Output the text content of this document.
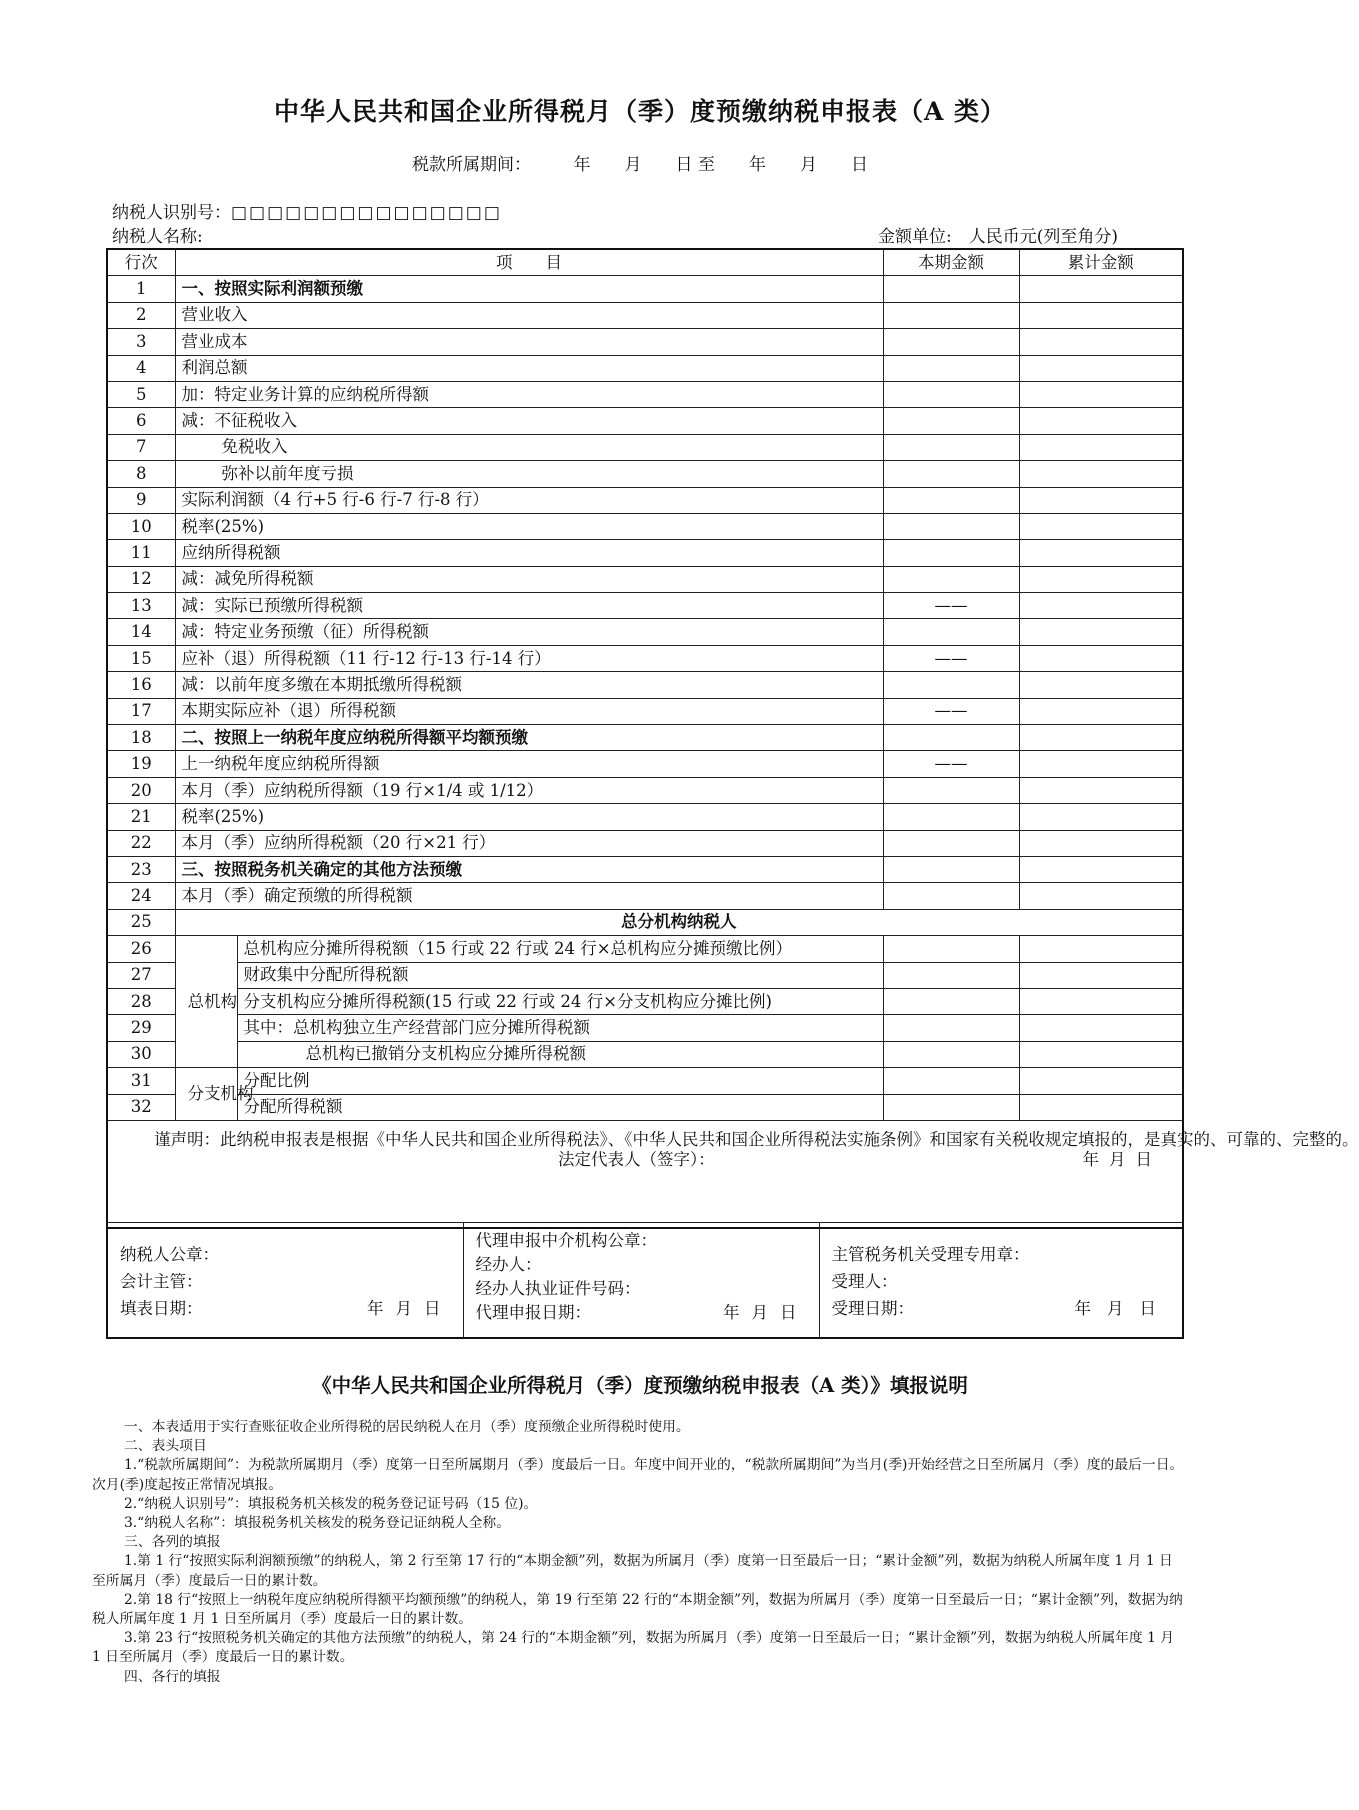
中华人民共和国企业所得税月（季）度预缴纳税申报表（A 类）
税款所属期间：　　　年　　月　　日 至　　年　　月　　日
纳税人识别号：□□□□□□□□□□□□□□□
纳税人名称:	金额单位:　人民币元(列至角分)
行次	项　　目		本期金额	累计金额
1	一、按照实际利润额预缴			
2	营业收入			
3	营业成本			
4	利润总额			
5	加：特定业务计算的应纳税所得额			
6	减：不征税收入			
7	免税收入			
8	弥补以前年度亏损			
9	实际利润额（4 行+5 行-6 行-7 行-8 行）			
10	税率(25%)			
11	应纳所得税额			
12	减：减免所得税额			
13	减：实际已预缴所得税额		——	
14	减：特定业务预缴（征）所得税额			
15	应补（退）所得税额（11 行-12 行-13 行-14 行）		——	
16	减：以前年度多缴在本期抵缴所得税额			
17	本期实际应补（退）所得税额		——	
18	二、按照上一纳税年度应纳税所得额平均额预缴			
19	上一纳税年度应纳税所得额		——	
20	本月（季）应纳税所得额（19 行×1/4 或 1/12）			
21	税率(25%)			
22	本月（季）应纳所得税额（20 行×21 行）			
23	三、按照税务机关确定的其他方法预缴			
24	本月（季）确定预缴的所得税额			
25	总分机构纳税人			
26	总机构	总机构应分摊所得税额（15 行或 22 行或 24 行×总机构应分摊预缴比例）		
27		财政集中分配所得税额		
28		分支机构应分摊所得税额(15 行或 22 行或 24 行×分支机构应分摊比例)		
29		其中：总机构独立生产经营部门应分摊所得税额		
30		总机构已撤销分支机构应分摊所得税额		
31	分支机构	分配比例		
32		分配所得税额		

谨声明：此纳税申报表是根据《中华人民共和国企业所得税法》、《中华人民共和国企业所得税法实施条例》和国家有关税收规定填报的，是真实的、可靠的、完整的。
法定代表人（签字）： 年月日				
纳税人公章：
会计主管：
填表日期：	年月日

代理申报中介机构公章：
经办人：
经办人执业证件号码：
代理申报日期：	年月日

主管税务机关受理专用章：
受理人：
受理日期：	年月日
《中华人民共和国企业所得税月（季）度预缴纳税申报表（A 类）》填报说明

一、本表适用于实行查账征收企业所得税的居民纳税人在月（季）度预缴企业所得税时使用。

二、表头项目

1.“税款所属期间”：为税款所属期月（季）度第一日至所属期月（季）度最后一日。年度中间开业的，“税款所属期间”为当月(季)开始经营之日至所属月（季）度的最后一日。次月(季)度起按正常情况填报。

2.“纳税人识别号”：填报税务机关核发的税务登记证号码（15 位)。

3.“纳税人名称”：填报税务机关核发的税务登记证纳税人全称。

三、各列的填报

1.第 1 行“按照实际利润额预缴”的纳税人，第 2 行至第 17 行的“本期金额”列，数据为所属月（季）度第一日至最后一日；“累计金额”列，数据为纳税人所属年度 1 月 1 日至所属月（季）度最后一日的累计数。

2.第 18 行“按照上一纳税年度应纳税所得额平均额预缴”的纳税人，第 19 行至第 22 行的“本期金额”列，数据为所属月（季）度第一日至最后一日；“累计金额”列，数据为纳税人所属年度 1 月 1 日至所属月（季）度最后一日的累计数。

3.第 23 行“按照税务机关确定的其他方法预缴”的纳税人，第 24 行的“本期金额”列，数据为所属月（季）度第一日至最后一日；“累计金额”列，数据为纳税人所属年度 1 月 1 日至所属月（季）度最后一日的累计数。

四、各行的填报
